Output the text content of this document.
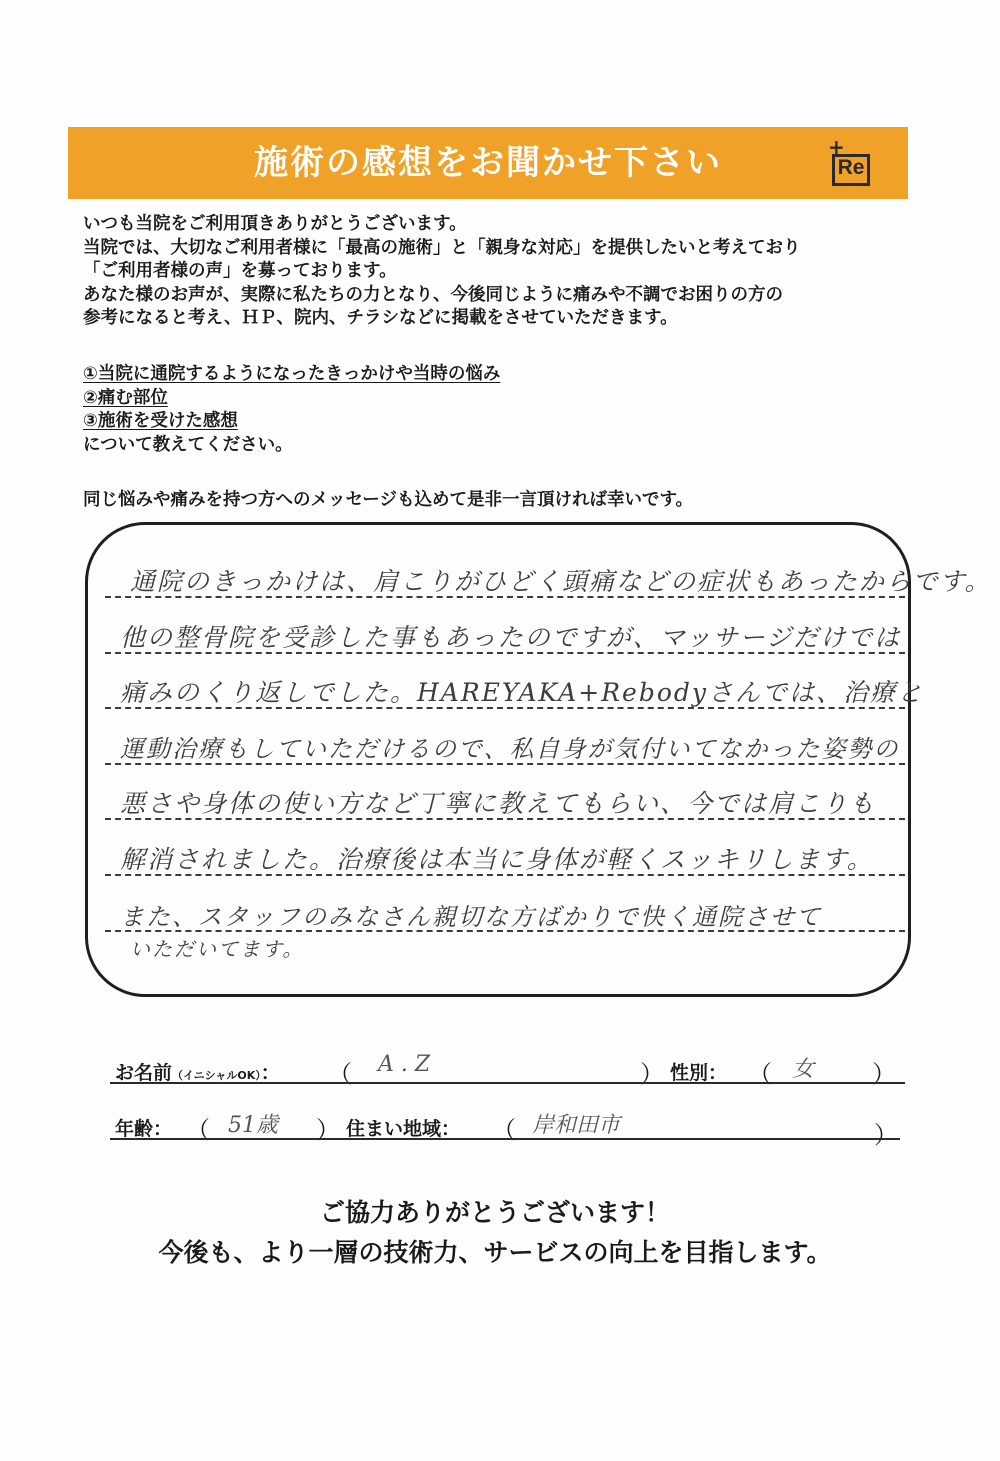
施術の感想をお聞かせ下さい	Re
+

いつも当院をご利用頂きありがとうございます。

当院では、大切なご利用者様に「最高の施術」と「親身な対応」を提供したいと考えており

「ご利用者様の声」を募っております。

あなた様のお声が、実際に私たちの力となり、今後同じように痛みや不調でお困りの方の

参考になると考え、ＨＰ、院内、チラシなどに掲載をさせていただきます。

①当院に通院するようになったきっかけや当時の悩み

②痛む部位

③施術を受けた感想

について教えてください。

同じ悩みや痛みを持つ方へのメッセージも込めて是非一言頂ければ幸いです。
通院のきっかけは、肩こりがひどく頭痛などの症状もあったからです。
他の整骨院を受診した事もあったのですが、マッサージだけでは
痛みのくり返しでした。HAREYAKA+Rebodyさんでは、治療と
運動治療もしていただけるので、私自身が気付いてなかった姿勢の
悪さや身体の使い方など丁寧に教えてもらい、今では肩こりも
解消されました。治療後は本当に身体が軽くスッキリします。
また、スタッフのみなさん親切な方ばかりで快く通院させて
いただいてます。
お名前（イニシャルOK）： （ A . Z	） 性別： （ 女 ）
年齢： （ 51歳 ） 住まい地域： （ 岸和田市	）
ご協力ありがとうございます！
今後も、より一層の技術力、サービスの向上を目指します。
